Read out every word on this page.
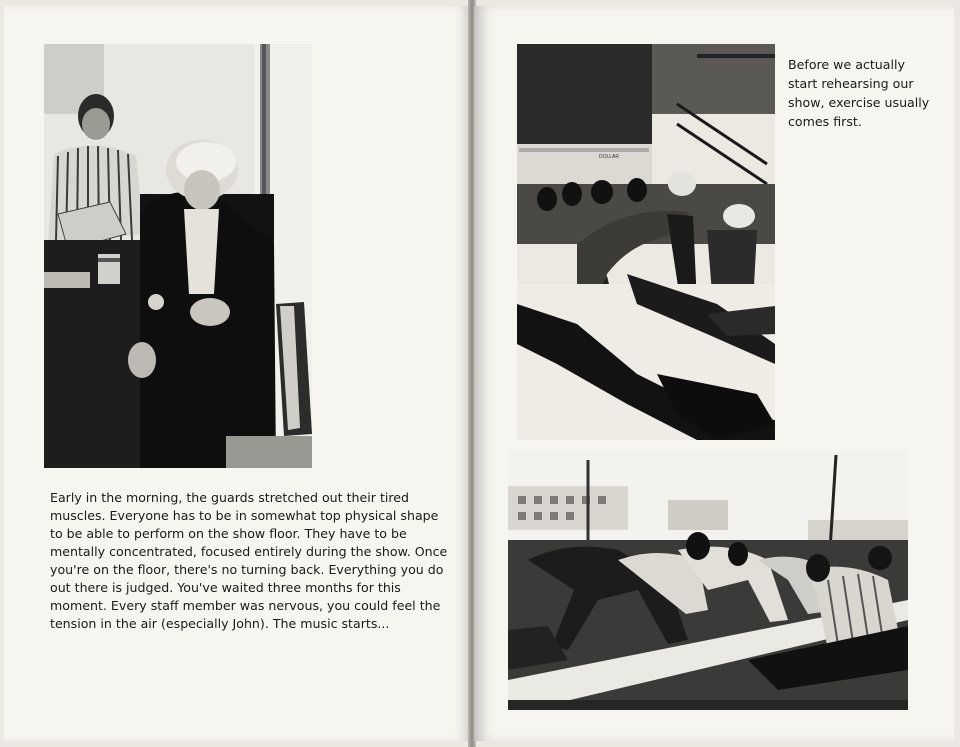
Early in the morning, the guards stretched out their tired muscles. Everyone has to be in somewhat top physical shape to be able to perform on the show floor. They have to be mentally concentrated, focused entirely during the show. Once you're on the floor, there's no turning back. Everything you do out there is judged. You've waited three months for this moment. Every staff member was nervous, you could feel the tension in the air (especially John). The music starts...

DOLLAR

Before we actually start rehearsing our show, exercise usually comes first.
